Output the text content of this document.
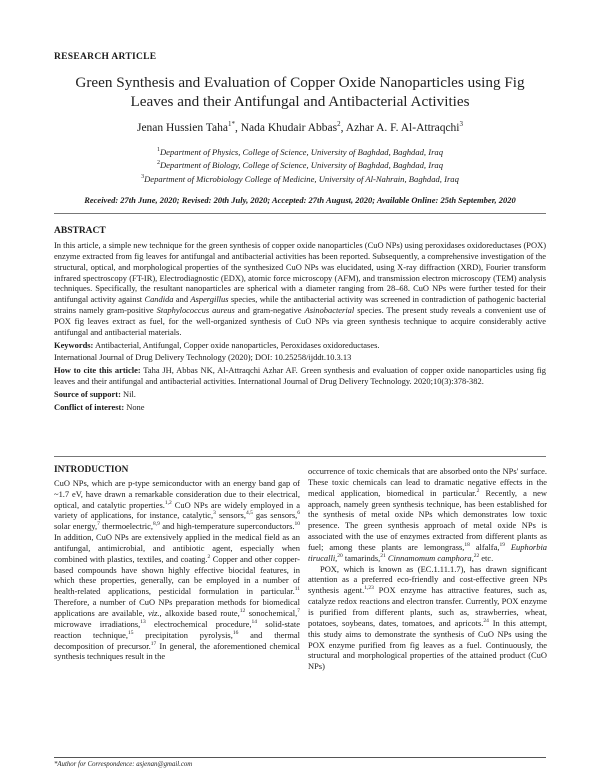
RESEARCH ARTICLE
Green Synthesis and Evaluation of Copper Oxide Nanoparticles using Fig
Leaves and their Antifungal and Antibacterial Activities
Jenan Hussien Taha$^{1*}$, Nada Khudair Abbas$^2$, Azhar A. F. Al-Attraqchi$^3$
$^1$Department of Physics, College of Science, University of Baghdad, Baghdad, Iraq
$^2$Department of Biology, College of Science, University of Baghdad, Baghdad, Iraq
$^3$Department of Microbiology College of Medicine, University of Al-Nahrain, Baghdad, Iraq
Received: 27th June, 2020; Revised: 20th July, 2020; Accepted: 27th August, 2020; Available Online: 25th September, 2020
ABSTRACT

In this article, a simple new technique for the green synthesis of copper oxide nanoparticles (CuO NPs) using peroxidases oxidoreductases (POX) enzyme extracted from fig leaves for antifungal and antibacterial activities has been reported. Subsequently, a comprehensive investigation of the structural, optical, and morphological properties of the synthesized CuO NPs was elucidated, using X-ray diffraction (XRD), Fourier transform infrared spectroscopy (FT-IR), Electrodiagnostic (EDX), atomic force microscopy (AFM), and transmission electron microscopy (TEM) analysis techniques. Specifically, the resultant nanoparticles are spherical with a diameter ranging from 28–68. CuO NPs were further tested for their antifungal activity against Candida and Aspergillus species, while the antibacterial activity was screened in contradiction of pathogenic bacterial strains namely gram-positive Staphylococcus aureus and gram-negative Asinobacterial species. The present study reveals a convenient use of POX fig leaves extract as fuel, for the well-organized synthesis of CuO NPs via green synthesis technique to acquire considerably active antifungal and antibacterial materials.

Keywords: Antibacterial, Antifungal, Copper oxide nanoparticles, Peroxidases oxidoreductases.

International Journal of Drug Delivery Technology (2020); DOI: 10.25258/ijddt.10.3.13

How to cite this article: Taha JH, Abbas NK, Al-Attraqchi Azhar AF. Green synthesis and evaluation of copper oxide nanoparticles using fig leaves and their antifungal and antibacterial activities. International Journal of Drug Delivery Technology. 2020;10(3):378-382.

Source of support: Nil.

Conflict of interest: None

INTRODUCTION

CuO NPs, which are p-type semiconductor with an energy band gap of ~1.7 eV, have drawn a remarkable consideration due to their electrical, optical, and catalytic properties.$^{1,2}$ CuO NPs are widely employed in a variety of applications, for instance, catalytic,$^3$ sensors,$^{4,5}$ gas sensors,$^6$ solar energy,$^7$ thermoelectric,$^{8,9}$ and high-temperature superconductors.$^{10}$ In addition, CuO NPs are extensively applied in the medical field as an antifungal, antimicrobial, and antibiotic agent, especially when combined with plastics, textiles, and coating.$^2$ Copper and other copper-based compounds have shown highly effective biocidal features, in which these properties, generally, can be employed in a number of health-related applications, pesticidal formulation in particular.$^{11}$ Therefore, a number of CuO NPs preparation methods for biomedical applications are available, viz., alkoxide based route,$^{12}$ sonochemical,$^7$ microwave irradiations,$^{13}$ electrochemical procedure,$^{14}$ solid-state reaction technique,$^{15}$ precipitation pyrolysis,$^{16}$ and thermal decomposition of precursor.$^{17}$ In general, the aforementioned chemical synthesis techniques result in the

occurrence of toxic chemicals that are absorbed onto the NPs' surface. These toxic chemicals can lead to dramatic negative effects in the medical application, biomedical in particular.$^2$ Recently, a new approach, namely green synthesis technique, has been established for the synthesis of metal oxide NPs which demonstrates low toxic presence. The green synthesis approach of metal oxide NPs is associated with the use of enzymes extracted from different plants as fuel; among these plants are lemongrass,$^{18}$ alfalfa,$^{19}$ Euphorbia tirucalli,$^{20}$ tamarinds,$^{21}$ Cinnamomum camphora,$^{22}$ etc.

POX, which is known as (EC.1.11.1.7), has drawn significant attention as a preferred eco-friendly and cost-effective green NPs synthesis agent.$^{1,23}$ POX enzyme has attractive features, such as, catalyze redox reactions and electron transfer. Currently, POX enzyme is purified from different plants, such as, strawberries, wheat, potatoes, soybeans, dates, tomatoes, and apricots.$^{24}$ In this attempt, this study aims to demonstrate the synthesis of CuO NPs using the POX enzyme purified from fig leaves as a fuel. Continuously, the structural and morphological properties of the attained product (CuO NPs)

*Author for Correspondence: asjenan@gmail.com
